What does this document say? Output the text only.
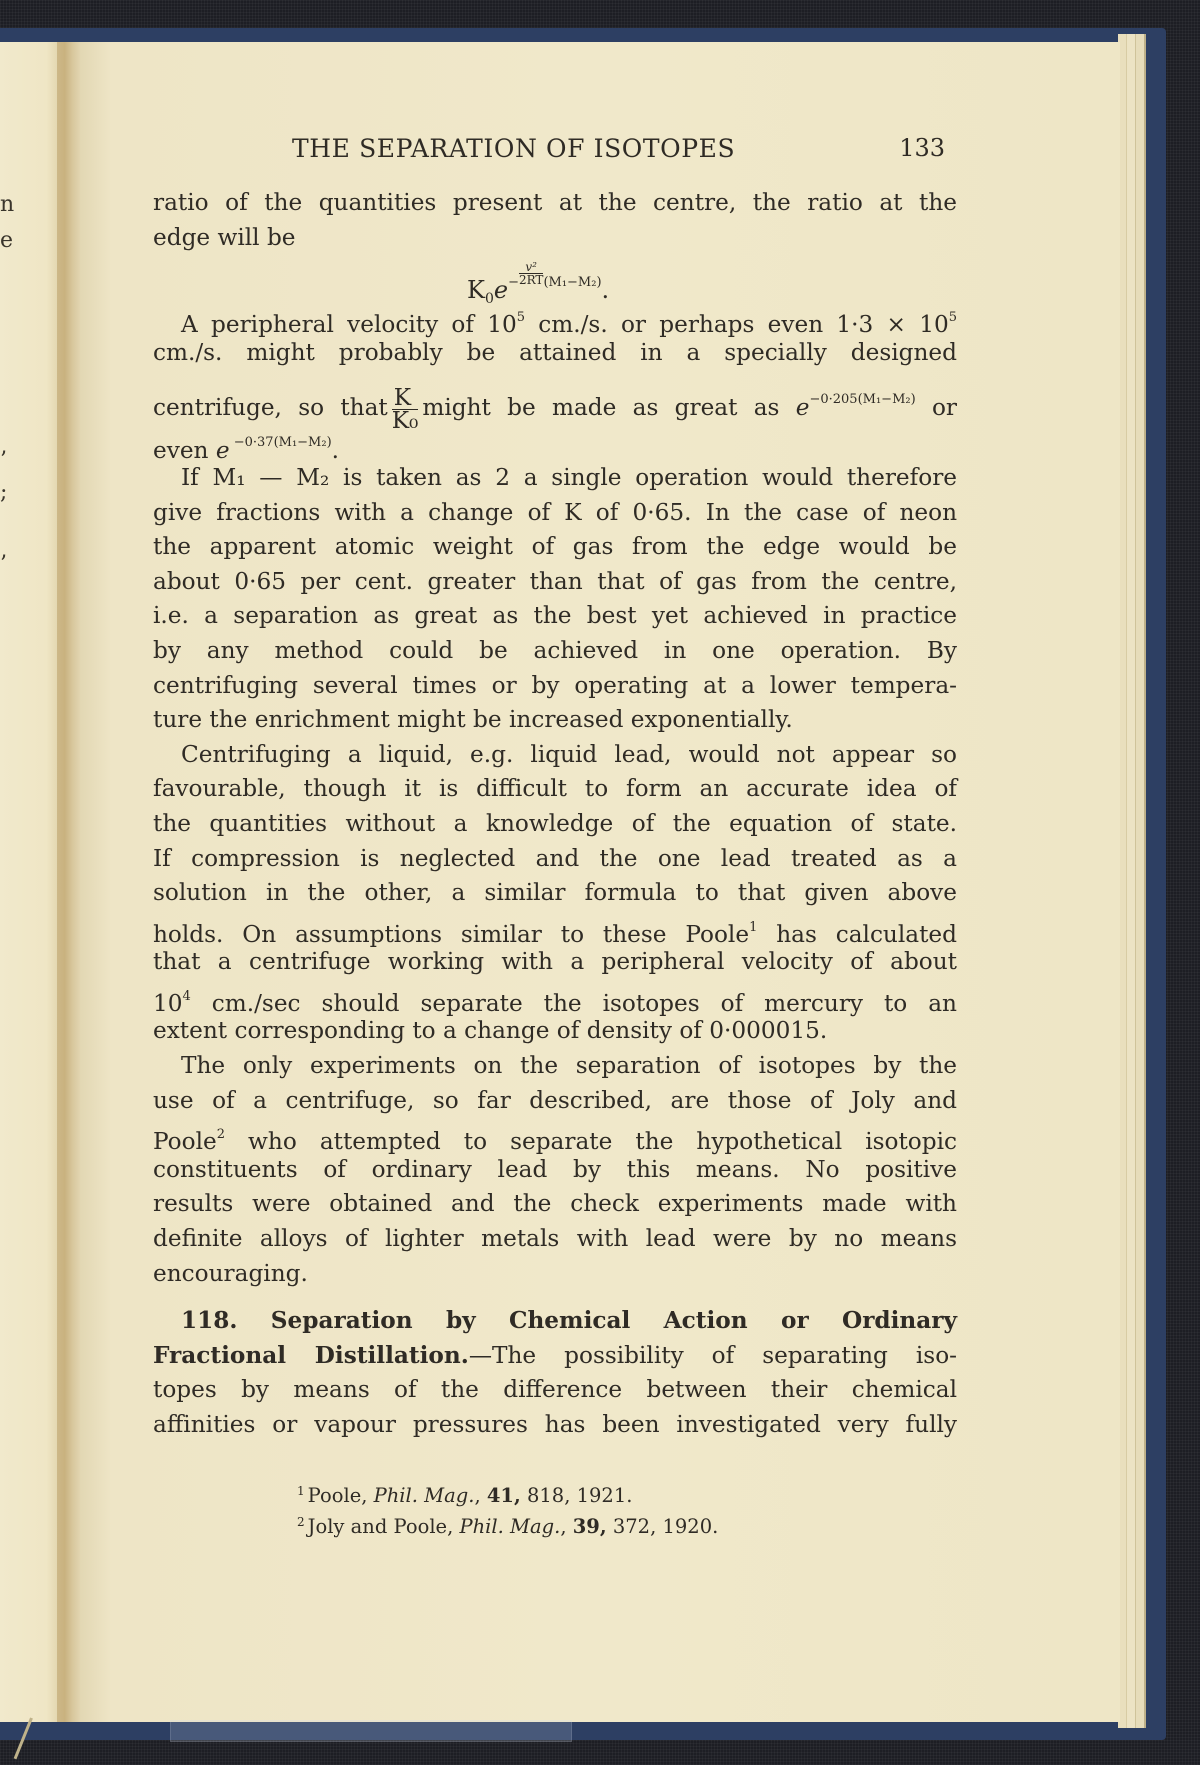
n
e
’
;
’
THE SEPARATION OF ISOTOPES	133
ratio of the quantities present at the centre, the ratio at the
edge will be
$K_0e^- \frac{\text{v²}}{2RT} ^{(M_1-M_2)}$.
A peripheral velocity of $10^5$ cm./s. or perhaps even $1\cdot 3 \times 10^5$
cm./s. might probably be attained in a specially designed
centrifuge, so that $\frac{K}{\text{K₀}}$ might be made as great as $e^{-0\cdot 205(M_1-M_2)}$ or
even e $^{-0\cdot 37(M_1-M_2)}$.
If M₁ — M₂ is taken as 2 a single operation would therefore
give fractions with a change of K of 0·65. In the case of neon
the apparent atomic weight of gas from the edge would be
about 0·65 per cent. greater than that of gas from the centre,
i.e. a separation as great as the best yet achieved in practice
by any method could be achieved in one operation. By
centrifuging several times or by operating at a lower tempera-
ture the enrichment might be increased exponentially.
Centrifuging a liquid, e.g. liquid lead, would not appear so
favourable, though it is difficult to form an accurate idea of
the quantities without a knowledge of the equation of state.
If compression is neglected and the one lead treated as a
solution in the other, a similar formula to that given above
holds. On assumptions similar to these Poole$^1$ has calculated
that a centrifuge working with a peripheral velocity of about
$10^4$ cm./sec should separate the isotopes of mercury to an
extent corresponding to a change of density of 0·000015.
The only experiments on the separation of isotopes by the
use of a centrifuge, so far described, are those of Joly and
Poole$^2$ who attempted to separate the hypothetical isotopic
constituents of ordinary lead by this means. No positive
results were obtained and the check experiments made with
definite alloys of lighter metals with lead were by no means
encouraging.
118. Separation by Chemical Action or Ordinary
Fractional Distillation.—The possibility of separating iso-
topes by means of the difference between their chemical
affinities or vapour pressures has been investigated very fully
$^1$ Poole, Phil. Mag., 41, 818, 1921.
$^2$ Joly and Poole, Phil. Mag., 39, 372, 1920.
